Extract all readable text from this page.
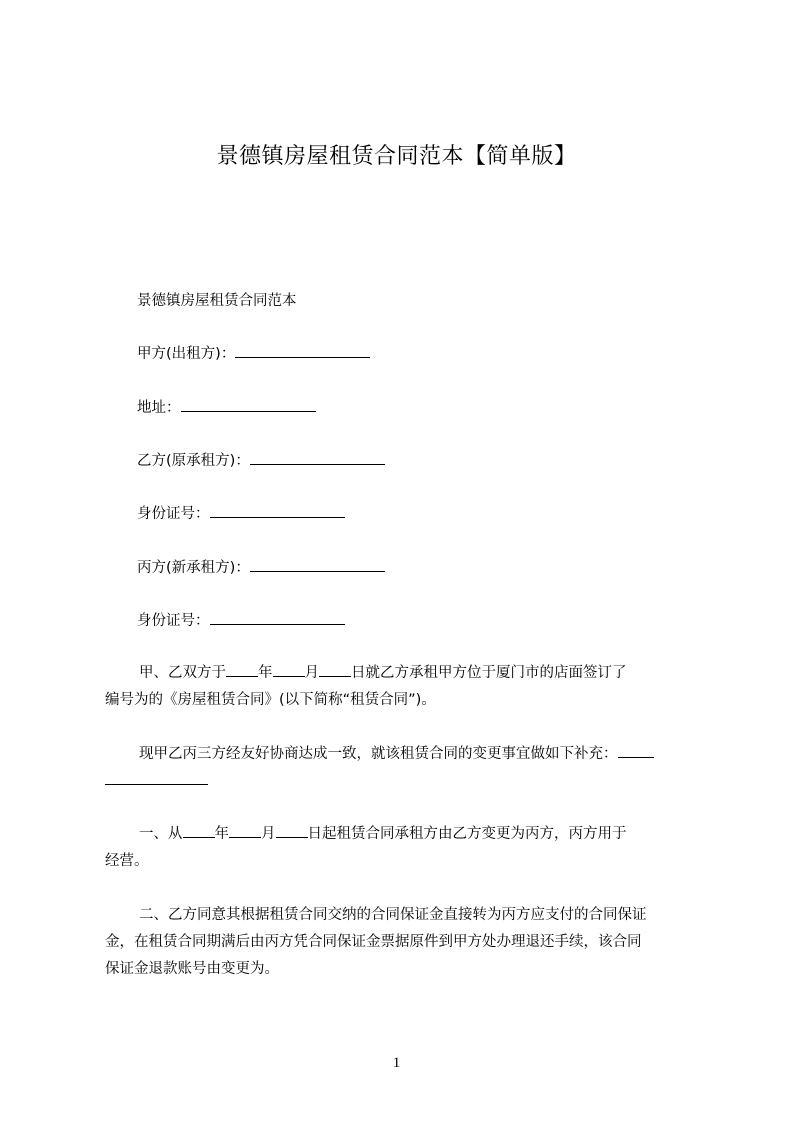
景德镇房屋租赁合同范本【简单版】
景德镇房屋租赁合同范本
甲方(出租方)：
地址：
乙方(原承租方)：
身份证号：
丙方(新承租方)：
身份证号：
甲、乙双方于 年 月 日就乙方承租甲方位于厦门市的店面签订了
编号为的《房屋租赁合同》(以下简称“租赁合同”)。
现甲乙丙三方经友好协商达成一致，就该租赁合同的变更事宜做如下补充：
一、从 年 月 日起租赁合同承租方由乙方变更为丙方，丙方用于
经营。
二、乙方同意其根据租赁合同交纳的合同保证金直接转为丙方应支付的合同保证
金，在租赁合同期满后由丙方凭合同保证金票据原件到甲方处办理退还手续，该合同
保证金退款账号由变更为。
1
